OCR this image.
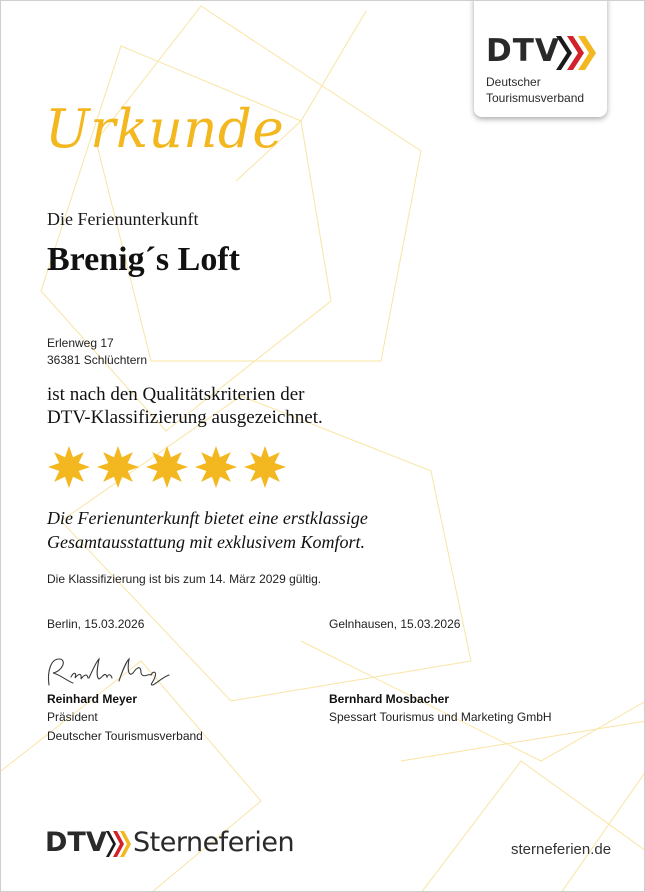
DTV
Deutscher
Tourismusverband
Urkunde
Die Ferienunterkunft
Brenig´s Loft
Erlenweg 17
36381 Schlüchtern
ist nach den Qualitätskriterien der
DTV-Klassifizierung ausgezeichnet.
Die Ferienunterkunft bietet eine erstklassige
Gesamtausstattung mit exklusivem Komfort.
Die Klassifizierung ist bis zum 14. März 2029 gültig.
Berlin, 15.03.2026	Gelnhausen, 15.03.2026
Reinhard Meyer
Präsident
Deutscher Tourismusverband
Bernhard Mosbacher
Spessart Tourismus und Marketing GmbH
DTV Sterneferien	sterneferien.de
